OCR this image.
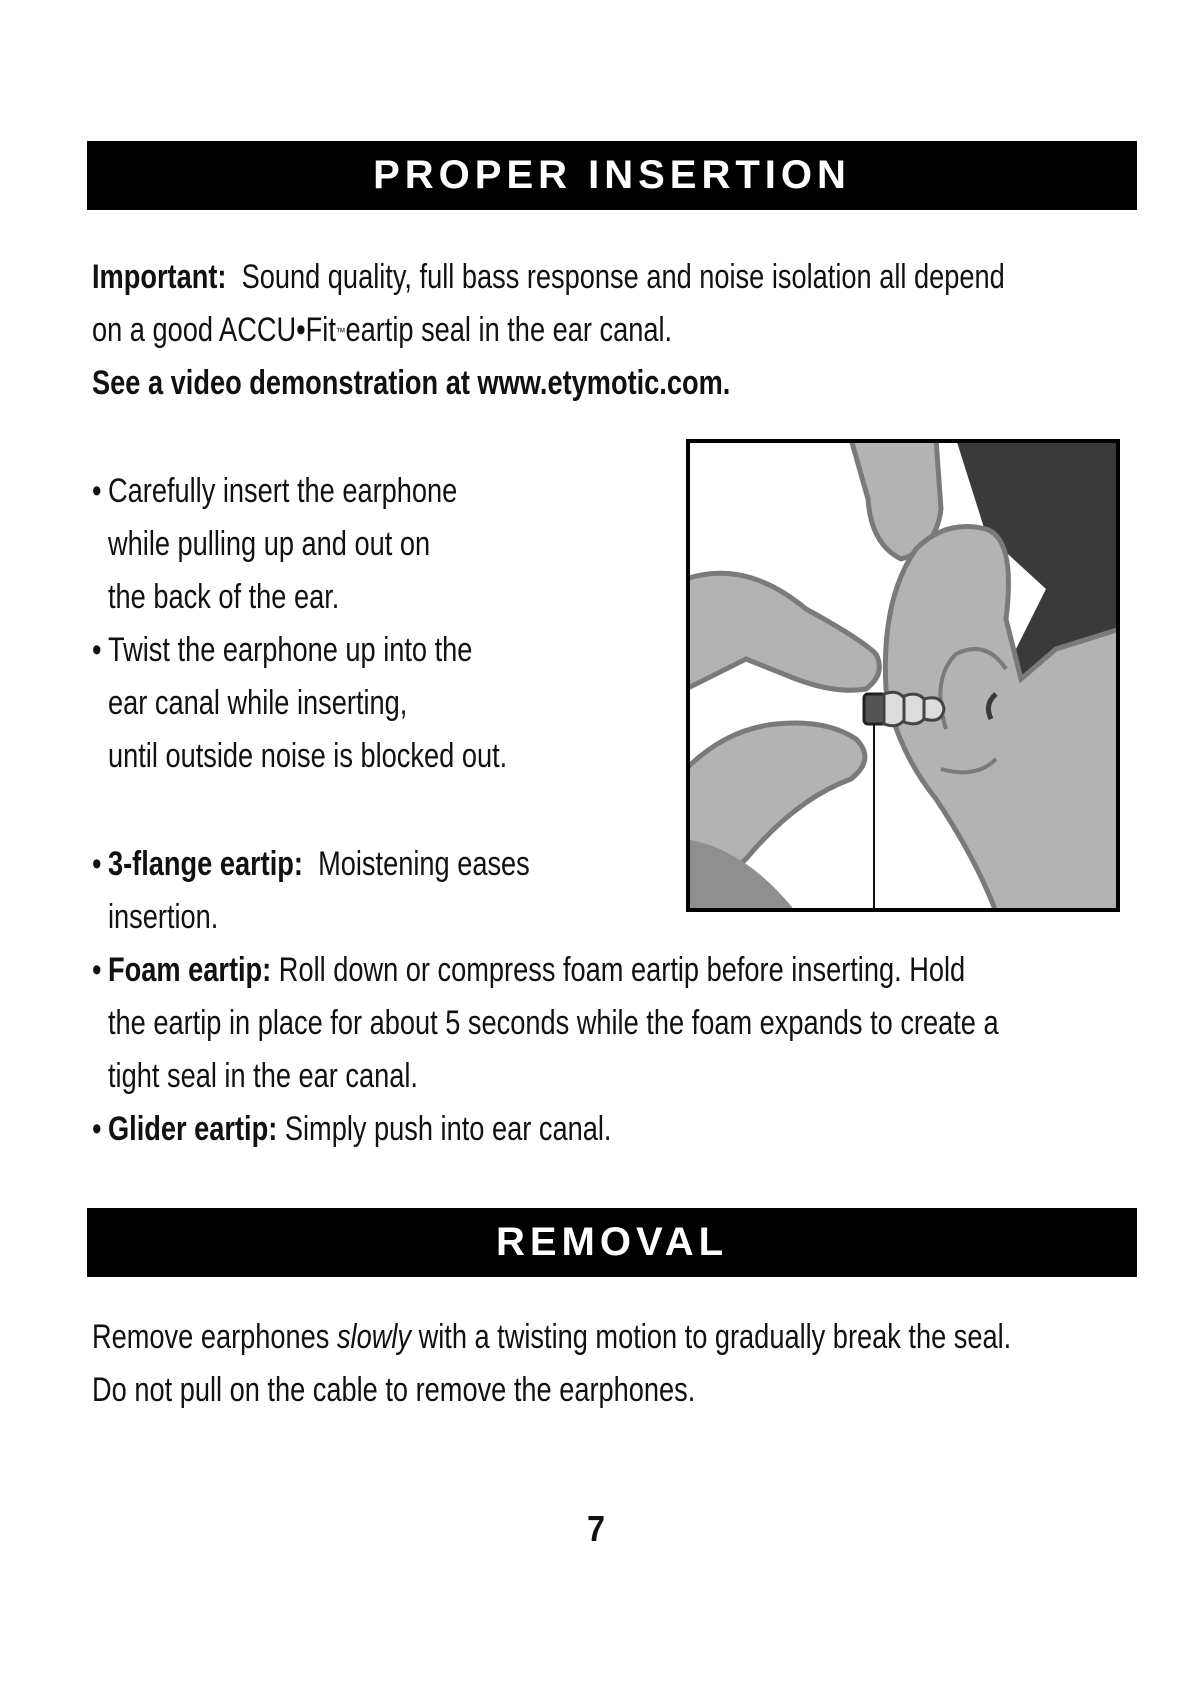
PROPER INSERTION
Important: Sound quality, full bass response and noise isolation all depend
on a good ACCU•Fit™eartip seal in the ear canal.
See a video demonstration at www.etymotic.com.
• Carefully insert the earphone
while pulling up and out on
the back of the ear.
• Twist the earphone up into the
ear canal while inserting,
until outside noise is blocked out.
• 3-flange eartip: Moistening eases
insertion.
• Foam eartip: Roll down or compress foam eartip before inserting. Hold
the eartip in place for about 5 seconds while the foam expands to create a
tight seal in the ear canal.
• Glider eartip: Simply push into ear canal.
REMOVAL
Remove earphones slowly with a twisting motion to gradually break the seal.
Do not pull on the cable to remove the earphones.
7
